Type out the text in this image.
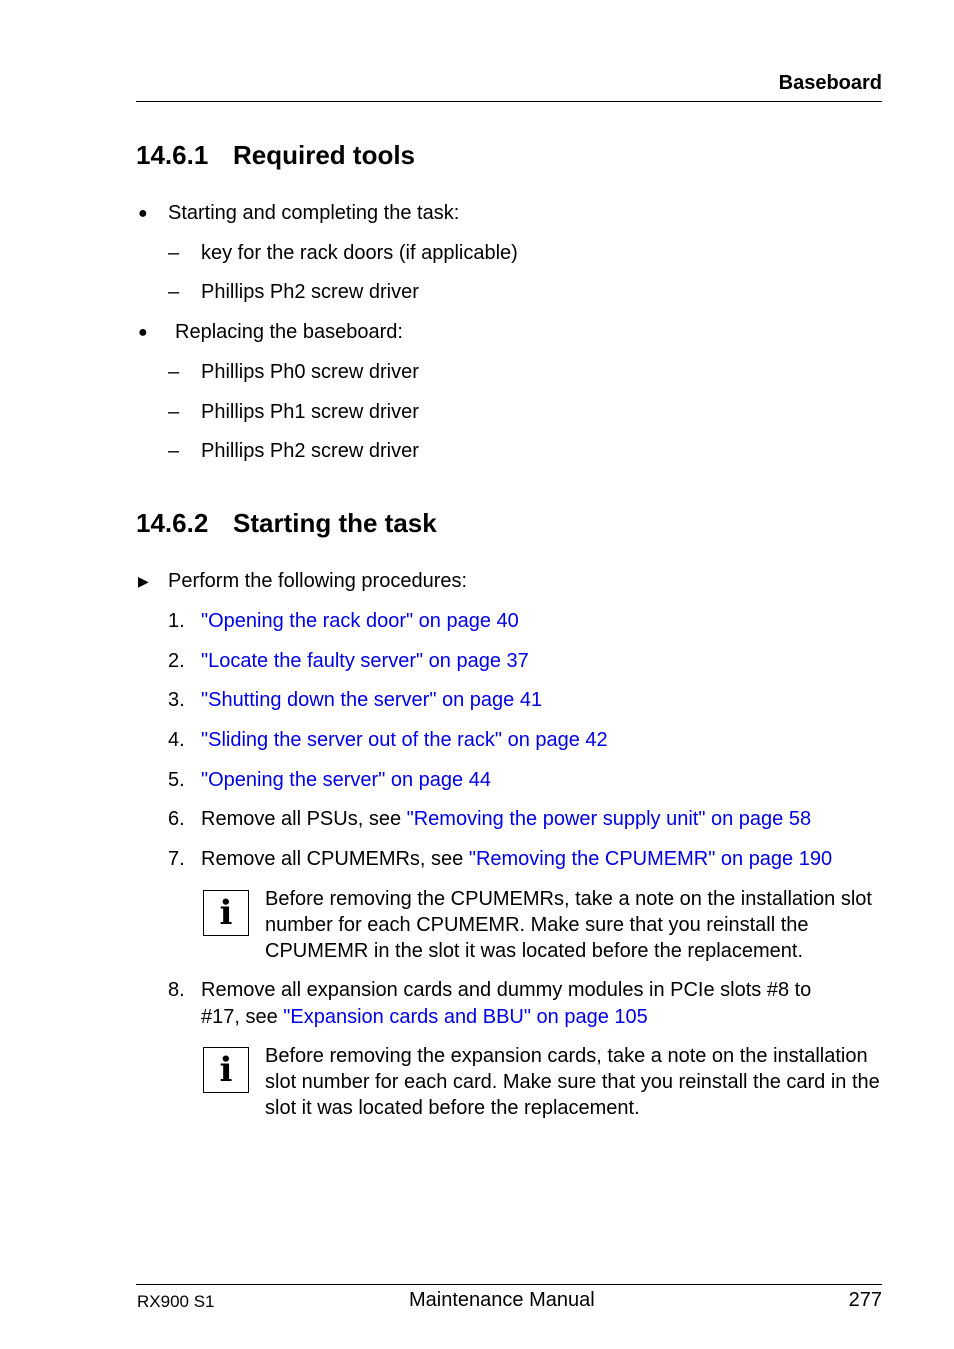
Baseboard
14.6.1 Required tools
● Starting and completing the task:
– key for the rack doors (if applicable)
– Phillips Ph2 screw driver
● Replacing the baseboard:
– Phillips Ph0 screw driver
– Phillips Ph1 screw driver
– Phillips Ph2 screw driver
14.6.2 Starting the task
▶ Perform the following procedures:
1. "Opening the rack door" on page 40
2. "Locate the faulty server" on page 37
3. "Shutting down the server" on page 41
4. "Sliding the server out of the rack" on page 42
5. "Opening the server" on page 44
6. Remove all PSUs, see "Removing the power supply unit" on page 58
7. Remove all CPUMEMRs, see "Removing the CPUMEMR" on page 190
i	Before removing the CPUMEMRs, take a note on the installation slot number for each CPUMEMR. Make sure that you reinstall the CPUMEMR in the slot it was located before the replacement.
8. Remove all expansion cards and dummy modules in PCIe slots #8 to
#17, see "Expansion cards and BBU" on page 105
i	Before removing the expansion cards, take a note on the installation slot number for each card. Make sure that you reinstall the card in the slot it was located before the replacement.
RX900 S1	Maintenance Manual	277
